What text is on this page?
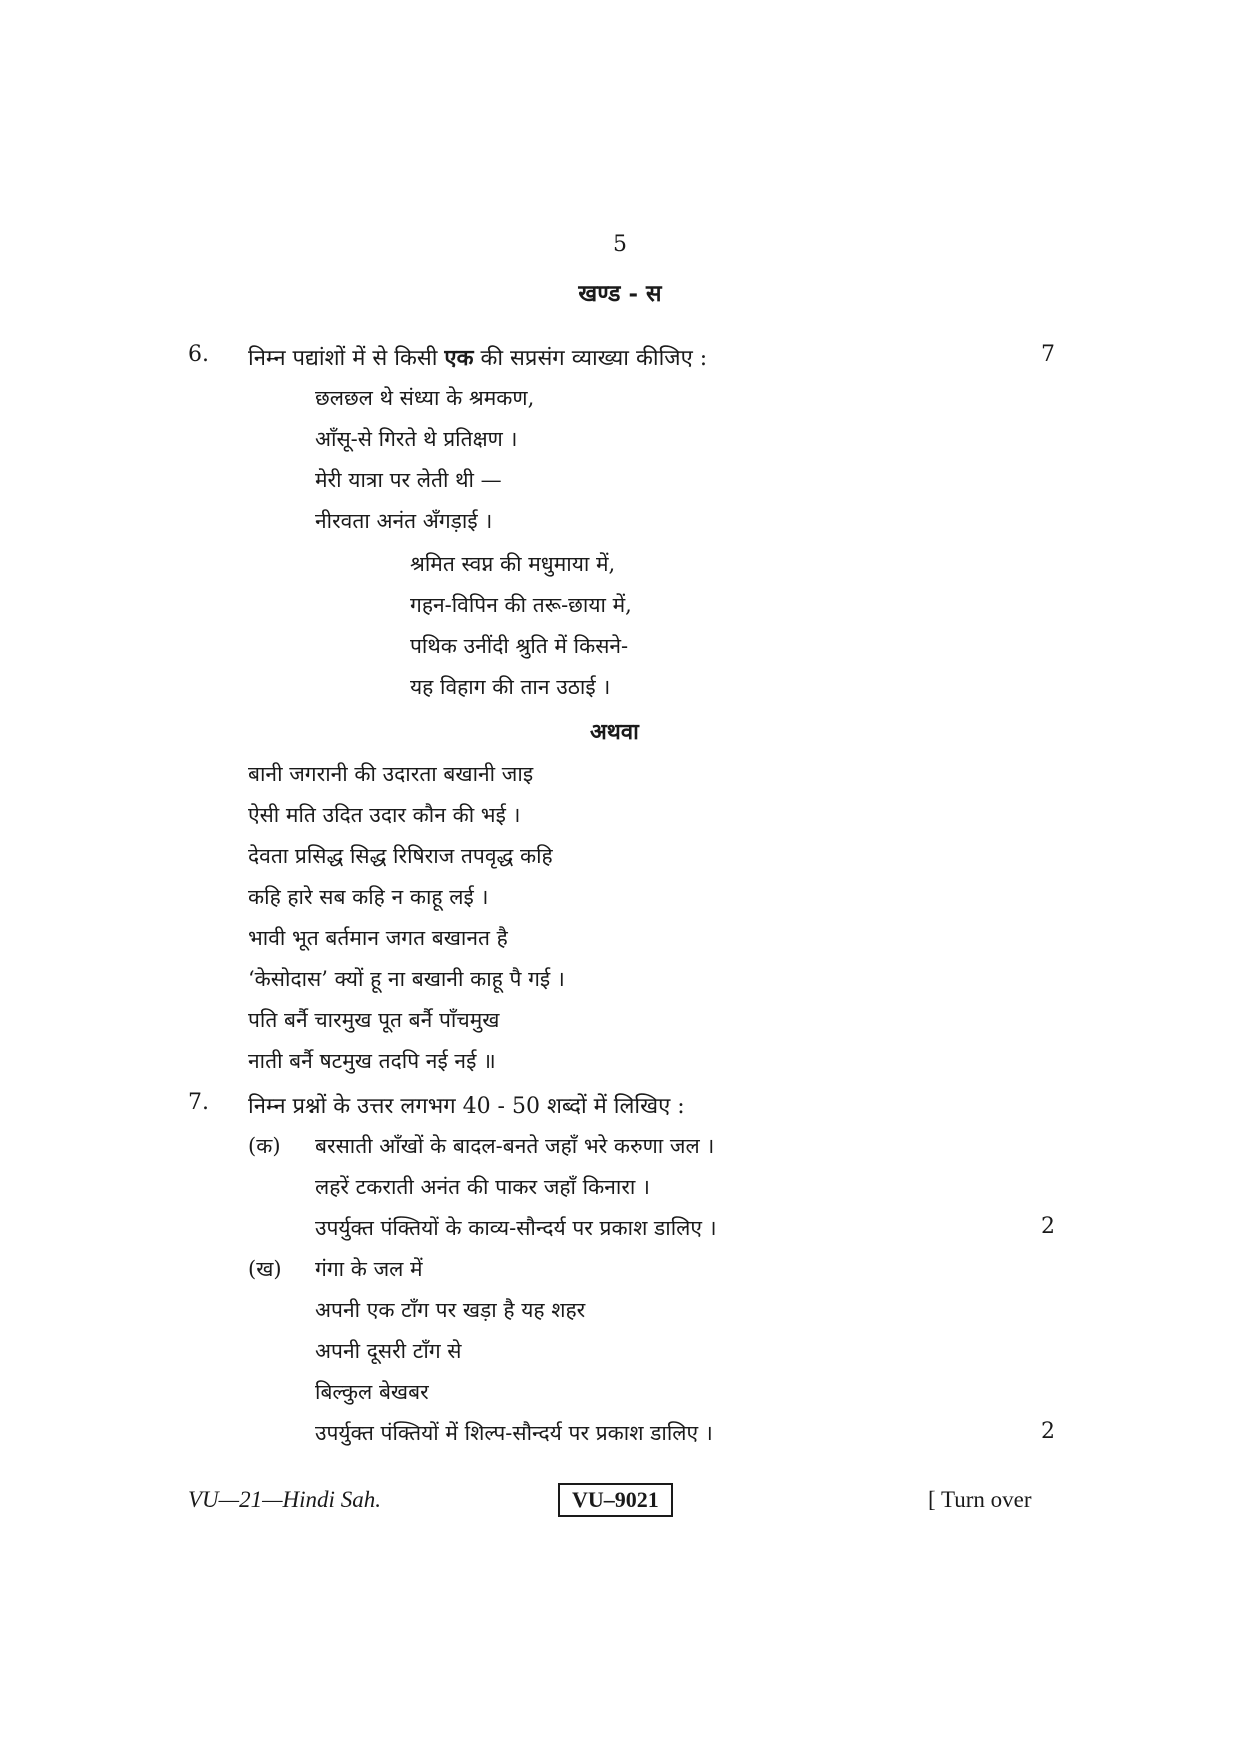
5
खण्ड - स
6. निम्न पद्यांशों में से किसी एक की सप्रसंग व्याख्या कीजिए :	7
छलछल थे संध्या के श्रमकण,
आँसू-से गिरते थे प्रतिक्षण ।
मेरी यात्रा पर लेती थी —
नीरवता अनंत अँगड़ाई ।
श्रमित स्वप्न की मधुमाया में,
गहन-विपिन की तरू-छाया में,
पथिक उनींदी श्रुति में किसने-
यह विहाग की तान उठाई ।
अथवा
बानी जगरानी की उदारता बखानी जाइ
ऐसी मति उदित उदार कौन की भई ।
देवता प्रसिद्ध सिद्ध रिषिराज तपवृद्ध कहि
कहि हारे सब कहि न काहू लई ।
भावी भूत बर्तमान जगत बखानत है
‘केसोदास’ क्यों हू ना बखानी काहू पै गई ।
पति बर्नै चारमुख पूत बर्नै पाँचमुख
नाती बर्नै षटमुख तदपि नई नई ॥
7. निम्न प्रश्नों के उत्तर लगभग 40 - 50 शब्दों में लिखिए :
(क) बरसाती आँखों के बादल-बनते जहाँ भरे करुणा जल ।
लहरें टकराती अनंत की पाकर जहाँ किनारा ।
उपर्युक्त पंक्तियों के काव्य-सौन्दर्य पर प्रकाश डालिए ।	2
(ख) गंगा के जल में
अपनी एक टाँग पर खड़ा है यह शहर
अपनी दूसरी टाँग से
बिल्कुल बेखबर
उपर्युक्त पंक्तियों में शिल्प-सौन्दर्य पर प्रकाश डालिए ।	2
VU—21—Hindi Sah.	VU–9021	[ Turn over
